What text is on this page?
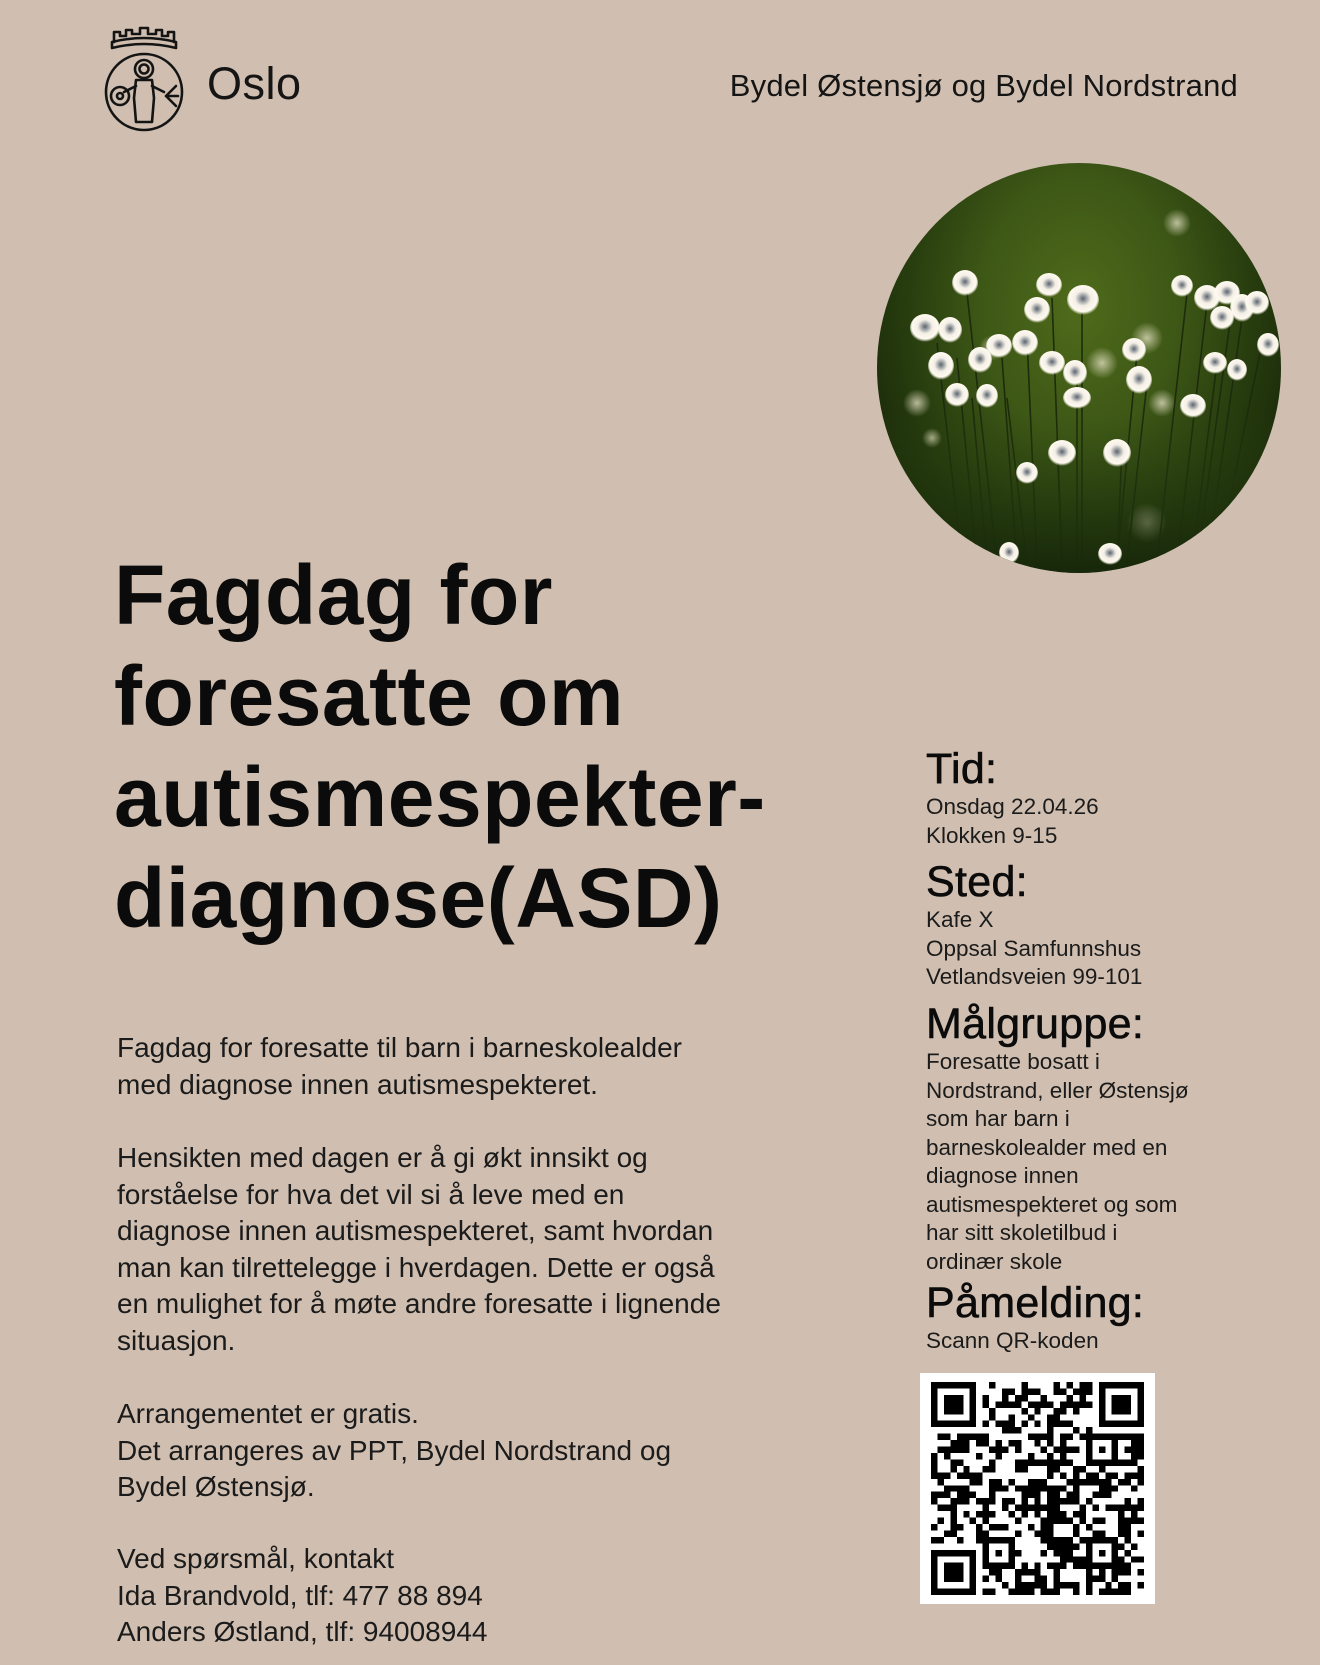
Oslo	Bydel Østensjø og Bydel Nordstrand
Fagdag for
foresatte om
autismespekter-
diagnose(ASD)
Fagdag for foresatte til barn i barneskolealder
med diagnose innen autismespekteret.
Hensikten med dagen er å gi økt innsikt og
forståelse for hva det vil si å leve med en
diagnose innen autismespekteret, samt hvordan
man kan tilrettelegge i hverdagen. Dette er også
en mulighet for å møte andre foresatte i lignende
situasjon.
Arrangementet er gratis.
Det arrangeres av PPT, Bydel Nordstrand og
Bydel Østensjø.
Ved spørsmål, kontakt
Ida Brandvold, tlf: 477 88 894
Anders Østland, tlf: 94008944
Tid:
Onsdag 22.04.26
Klokken 9-15
Sted:
Kafe X
Oppsal Samfunnshus
Vetlandsveien 99-101
Målgruppe:
Foresatte bosatt i
Nordstrand, eller Østensjø
som har barn i
barneskolealder med en
diagnose innen
autismespekteret og som
har sitt skoletilbud i
ordinær skole
Påmelding:
Scann QR-koden
